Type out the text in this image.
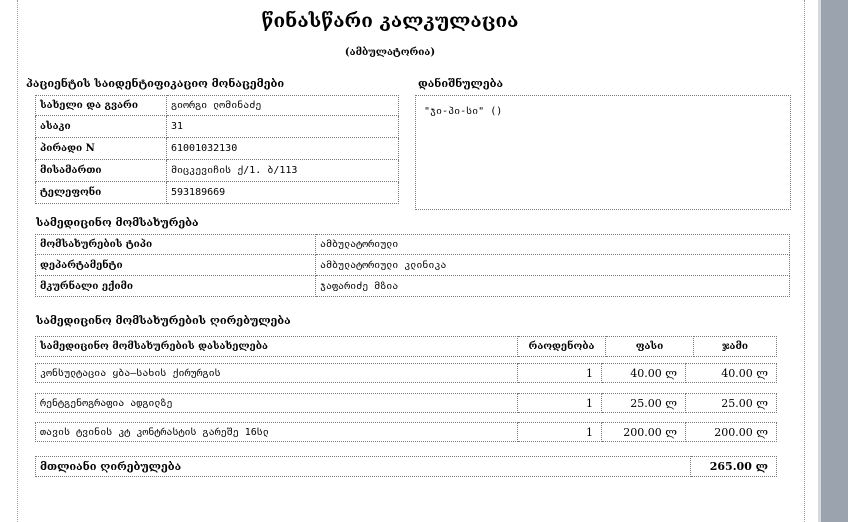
წინასწარი კალკულაცია
(ამბულატორია)
პაციენტის საიდენტიფიკაციო მონაცემები
სახელი და გვარი	გიორგი ლომინაძე
ასაკი	31
პირადი N	61001032130
მისამართი	მიცკევიჩის ქ/1. ბ/113
ტელეფონი	593189669
დანიშნულება
"ჯი-პი-სი" ()
სამედიცინო მომსახურება
მომსახურების ტიპი	ამბულატორიული
დეპარტამენტი	ამბულატორიული კლინიკა
მკურნალი ექიმი	ჯაფარიძე მზია
სამედიცინო მომსახურების ღირებულება
სამედიცინო მომსახურების დასახელება	რაოდენობა	ფასი	ჯამი
კონსულტაცია ყბა–სახის ქირურგის	1	40.00 ლ	40.00 ლ
რენტგენოგრაფია ადგილზე	1	25.00 ლ	25.00 ლ
თავის ტვინის კტ კონტრასტის გარეშე 16სლ	1	200.00 ლ	200.00 ლ
მთლიანი ღირებულება	265.00 ლ
